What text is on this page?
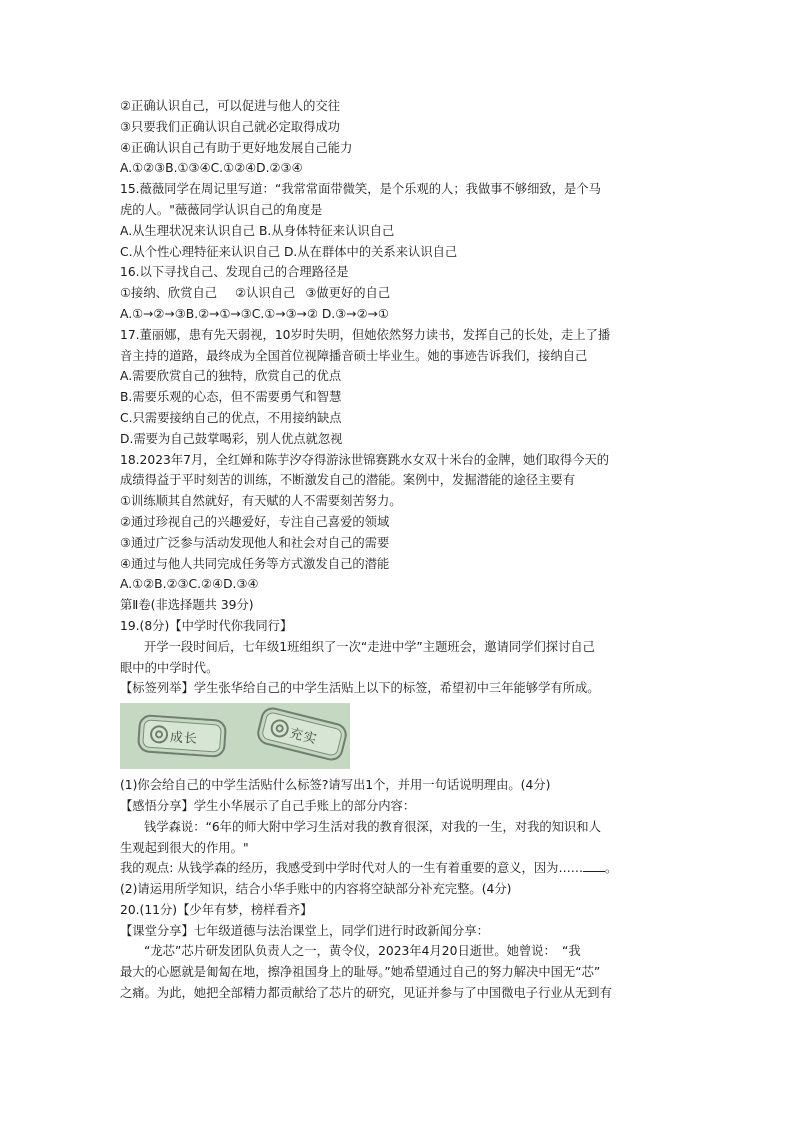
②正确认识自己，可以促进与他人的交往
③只要我们正确认识自己就必定取得成功
④正确认识自己有助于更好地发展自己能力
A.①②③B.①③④C.①②④D.②③④
15.薇薇同学在周记里写道：“我常常面带微笑，是个乐观的人；我做事不够细致，是个马
虎的人。"薇薇同学认识自己的角度是
A.从生理状况来认识自己 B.从身体特征来认识自己
C.从个性心理特征来认识自己 D.从在群体中的关系来认识自己
16.以下寻找自己、发现自己的合理路径是
①接纳、欣赏自己 ②认识自己 ③做更好的自己
A.①→②→③B.②→①→③C.①→③→② D.③→②→①
17.董丽娜，患有先天弱视，10岁时失明，但她依然努力读书，发挥自己的长处，走上了播
音主持的道路，最终成为全国首位视障播音硕士毕业生。她的事迹告诉我们，接纳自己
A.需要欣赏自己的独特，欣赏自己的优点
B.需要乐观的心态，但不需要勇气和智慧
C.只需要接纳自己的优点，不用接纳缺点
D.需要为自己鼓掌喝彩，别人优点就忽视
18.2023年7月，全红婵和陈芋汐夺得游泳世锦赛跳水女双十米台的金牌，她们取得今天的
成绩得益于平时刻苦的训练，不断激发自己的潜能。案例中，发掘潜能的途径主要有
①训练顺其自然就好，有天赋的人不需要刻苦努力。
②通过珍视自己的兴趣爱好，专注自己喜爱的领域
③通过广泛参与活动发现他人和社会对自己的需要
④通过与他人共同完成任务等方式激发自己的潜能
A.①②B.②③C.②④D.③④
第Ⅱ卷(非选择题共 39分)
19.(8分)【中学时代你我同行】
开学一段时间后，七年级1班组织了一次“走进中学”主题班会，邀请同学们探讨自己
眼中的中学时代。
【标签列举】学生张华给自己的中学生活贴上以下的标签，希望初中三年能够学有所成。
成长	充实
(1)你会给自己的中学生活贴什么标签?请写出1个，并用一句话说明理由。(4分)
【感悟分享】学生小华展示了自己手账上的部分内容：
钱学森说：“6年的师大附中学习生活对我的教育很深，对我的一生，对我的知识和人
生观起到很大的作用。"
我的观点: 从钱学森的经历，我感受到中学时代对人的一生有着重要的意义，因为…… 。
(2)请运用所学知识，结合小华手账中的内容将空缺部分补充完整。(4分)
20.(11分)【少年有梦，榜样看齐】
【课堂分享】七年级道德与法治课堂上，同学们进行时政新闻分享：
“龙芯”芯片研发团队负责人之一，黄令仪，2023年4月20日逝世。她曾说：　“我
最大的心愿就是匍匐在地，擦净祖国身上的耻辱。”她希望通过自己的努力解决中国无“芯”
之痛。为此，她把全部精力都贡献给了芯片的研究，见证并参与了中国微电子行业从无到有
